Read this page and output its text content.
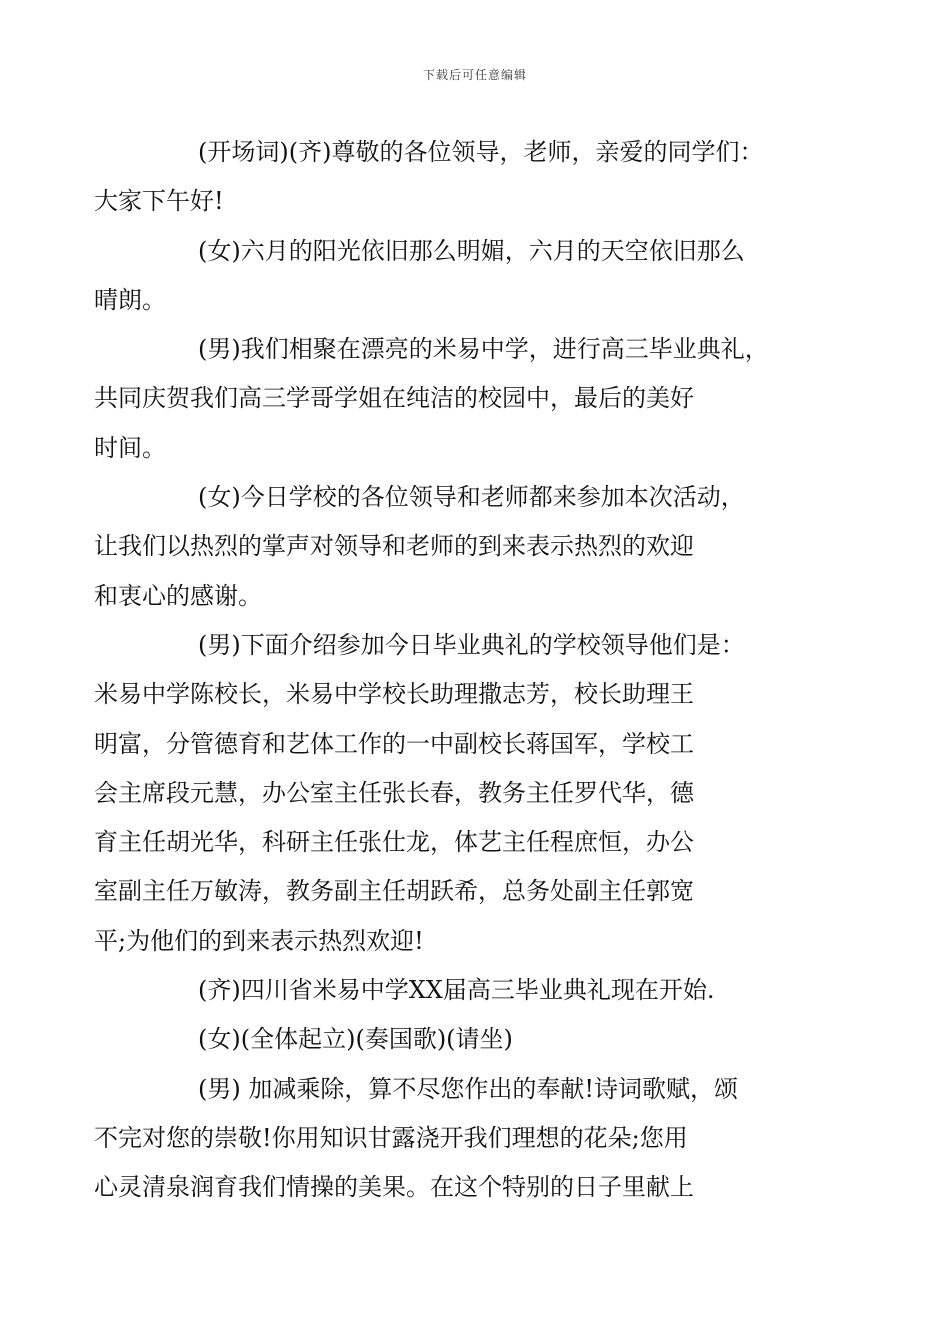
下载后可任意编辑

(开场词)(齐)尊敬的各位领导，老师，亲爱的同学们：
大家下午好!

(女)六月的阳光依旧那么明媚，六月的天空依旧那么
晴朗。

(男)我们相聚在漂亮的米易中学，进行高三毕业典礼，
共同庆贺我们高三学哥学姐在纯洁的校园中，最后的美好
时间。

(女)今日学校的各位领导和老师都来参加本次活动，
让我们以热烈的掌声对领导和老师的到来表示热烈的欢迎
和衷心的感谢。

(男)下面介绍参加今日毕业典礼的学校领导他们是：
米易中学陈校长，米易中学校长助理撒志芳，校长助理王
明富，分管德育和艺体工作的一中副校长蒋国军，学校工
会主席段元慧，办公室主任张长春，教务主任罗代华，德
育主任胡光华，科研主任张仕龙，体艺主任程庶恒，办公
室副主任万敏涛，教务副主任胡跃希，总务处副主任郭宽
平;为他们的到来表示热烈欢迎!

(齐)四川省米易中学XX届高三毕业典礼现在开始.

(女)(全体起立)(奏国歌)(请坐)

(男) 加减乘除，算不尽您作出的奉献!诗词歌赋，颂
不完对您的崇敬!你用知识甘露浇开我们理想的花朵;您用
心灵清泉润育我们情操的美果。在这个特别的日子里献上
